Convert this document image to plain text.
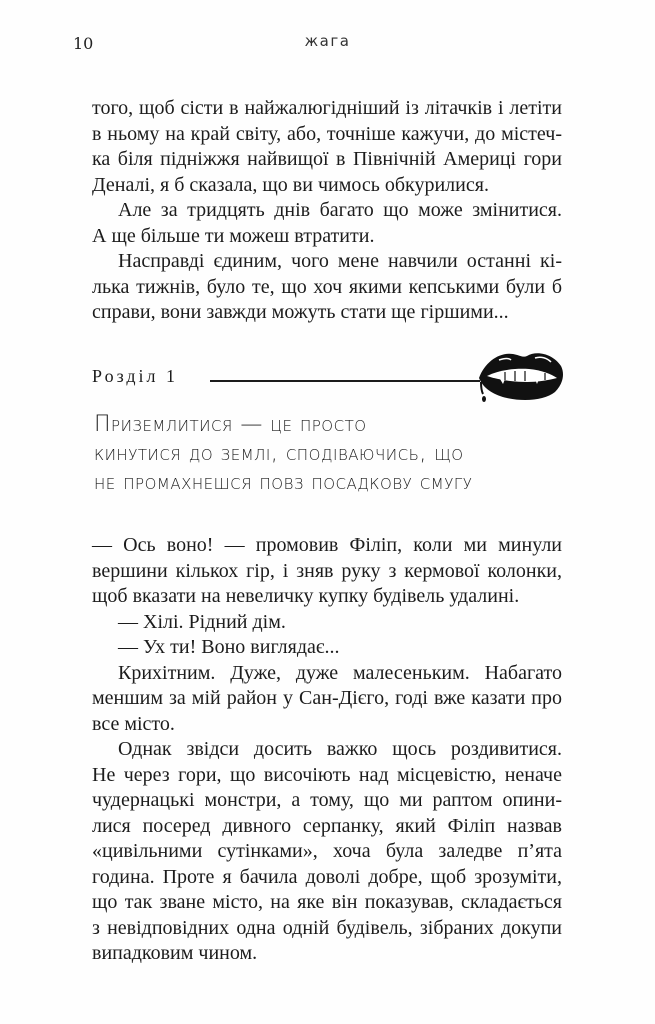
10	жага
того, щоб сісти в найжалюгідніший із літачків і летіти
в ньому на край світу, або, точніше кажучи, до містеч-
ка біля підніжжя найвищої в Північній Америці гори
Деналі, я б сказала, що ви чимось обкурилися.
Але за тридцять днів багато що може змінитися.
А ще більше ти можеш втратити.
Насправді єдиним, чого мене навчили останні кі-
лька тижнів, було те, що хоч якими кепськими були б
справи, вони завжди можуть стати ще гіршими...
Розділ 1
Приземлитися — це просто
кинутися до землі, сподіваючись, що
не промахнешся повз посадкову смугу
— Ось воно! — промовив Філіп, коли ми минули
вершини кількох гір, і зняв руку з кермової колонки,
щоб вказати на невеличку купку будівель удалині.
— Хілі. Рідний дім.
— Ух ти! Воно виглядає...
Крихітним. Дуже, дуже малесеньким. Набагато
меншим за мій район у Сан-Дієго, годі вже казати про
все місто.
Однак звідси досить важко щось роздивитися.
Не через гори, що височіють над місцевістю, неначе
чудернацькі монстри, а тому, що ми раптом опини-
лися посеред дивного серпанку, який Філіп назвав
«цивільними сутінками», хоча була заледве п’ята
година. Проте я бачила доволі добре, щоб зрозуміти,
що так зване місто, на яке він показував, складається
з невідповідних одна одній будівель, зібраних докупи
випадковим чином.
